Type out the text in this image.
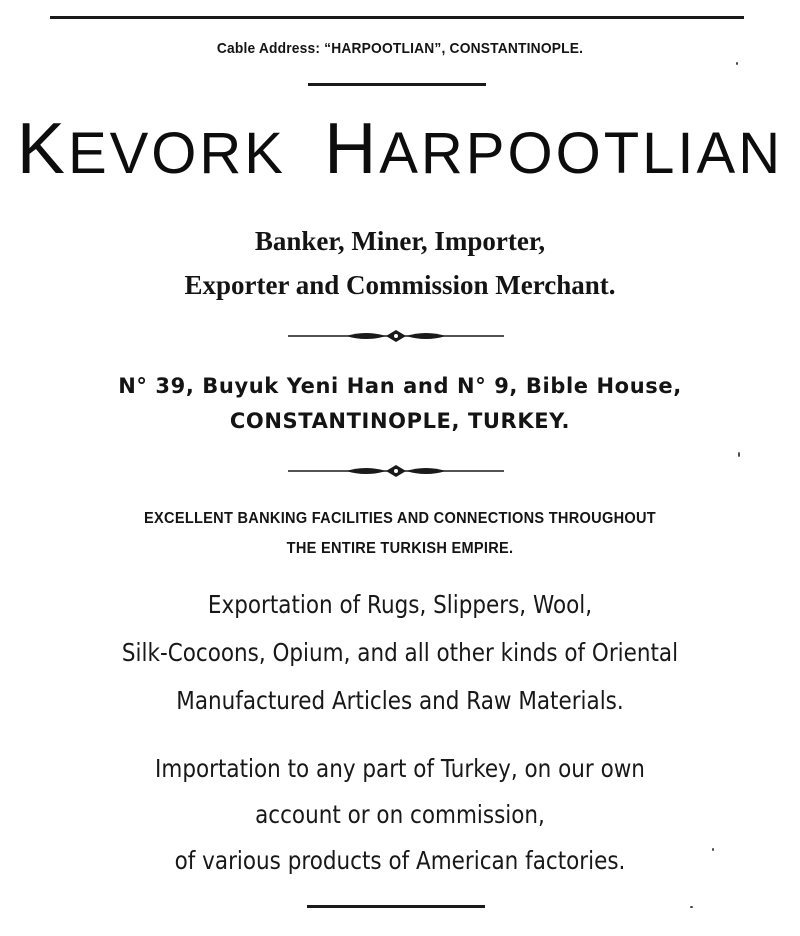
Cable Address: “HARPOOTLIAN”, CONSTANTINOPLE.
KEVORK HARPOOTLIAN
Banker, Miner, Importer,
Exporter and Commission Merchant.
N° 39, Buyuk Yeni Han and N° 9, Bible House,
CONSTANTINOPLE, TURKEY.
EXCELLENT BANKING FACILITIES AND CONNECTIONS THROUGHOUT
THE ENTIRE TURKISH EMPIRE.
Exportation of Rugs, Slippers, Wool,
Silk-Cocoons, Opium, and all other kinds of Oriental
Manufactured Articles and Raw Materials.
Importation to any part of Turkey, on our own
account or on commission,
of various products of American factories.
